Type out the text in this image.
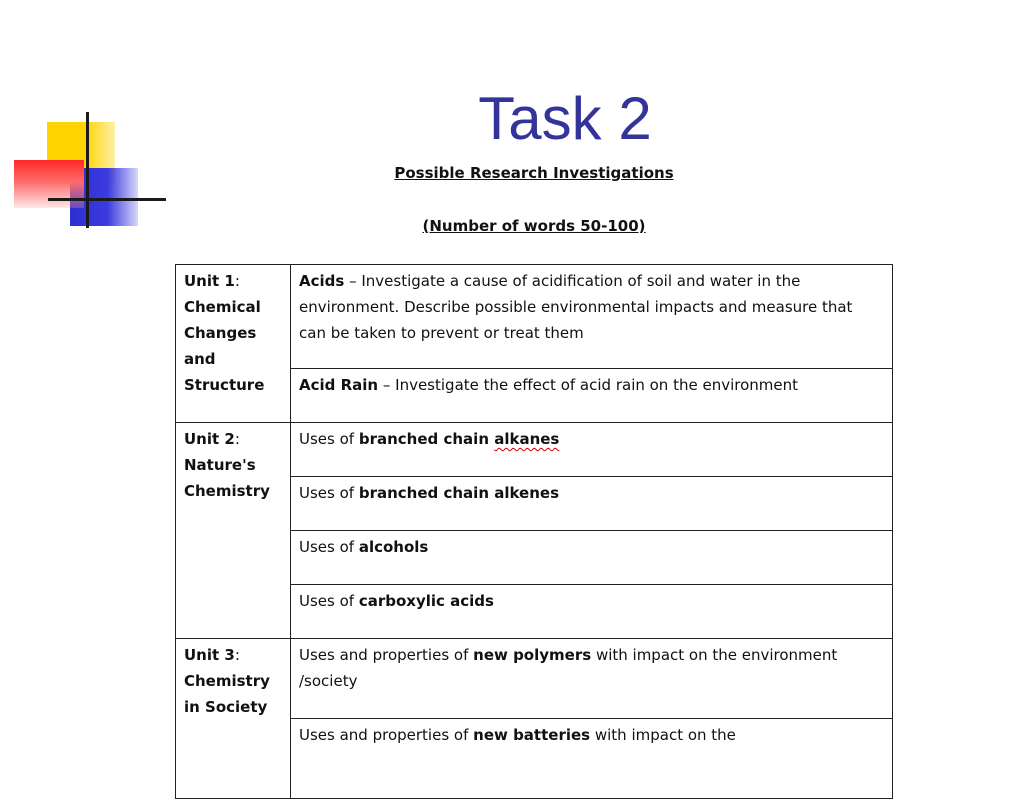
Task 2
Possible Research Investigations
(Number of words 50-100)
Unit 1:
Chemical
Changes
and
Structure	Acids – Investigate a cause of acidification of soil and water in the environment. Describe possible environmental impacts and measure that can be taken to prevent or treat them
	Acid Rain – Investigate the effect of acid rain on the environment

Unit 2:
Nature's
Chemistry	Uses of branched chain alkanes
	Uses of branched chain alkenes
	Uses of alcohols
	Uses of carboxylic acids

Unit 3:
Chemistry
in Society	Uses and properties of new polymers with impact on the environment /society
	Uses and properties of new batteries with impact on the
